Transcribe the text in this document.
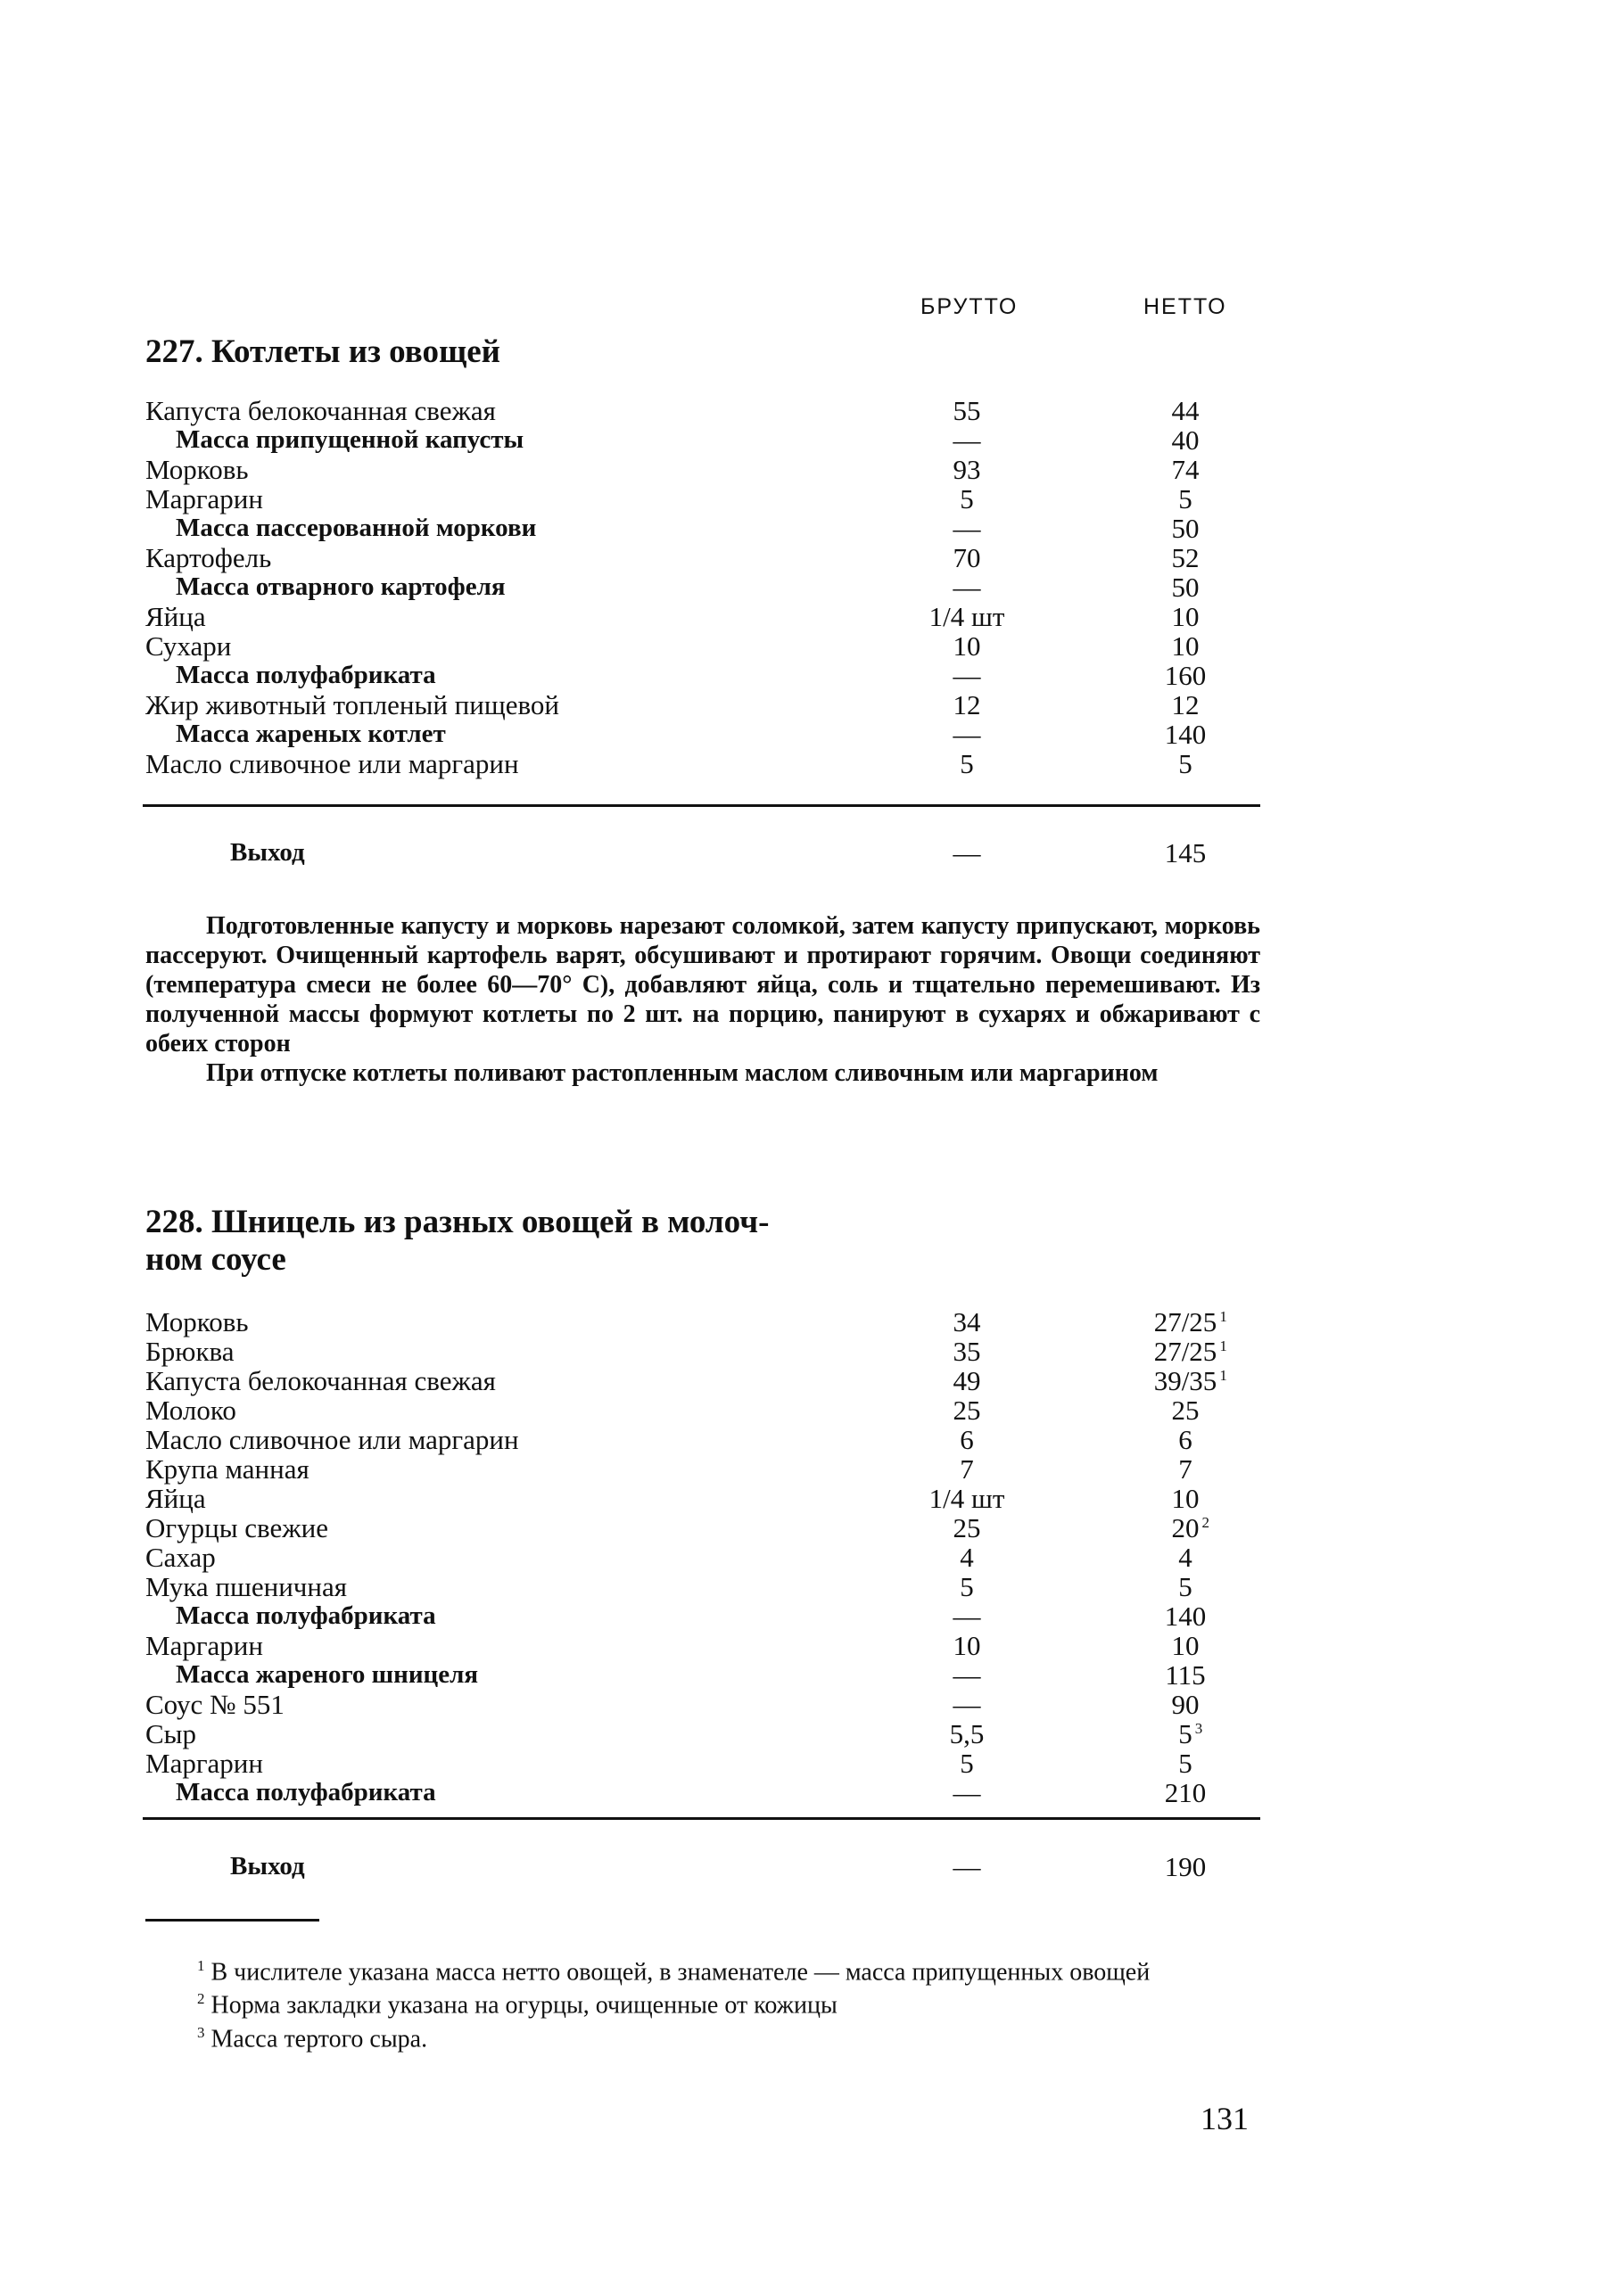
БРУТТО	НЕТТО
227. Котлеты из овощей
Капуста белокочанная свежая	55	44
Масса припущенной капусты	—	40
Морковь	93	74
Маргарин	5	5
Масса пассерованной моркови	—	50
Картофель	70	52
Масса отварного картофеля	—	50
Яйца	1/4 шт	10
Сухари	10	10
Масса полуфабриката	—	160
Жир животный топленый пищевой	12	12
Масса жареных котлет	—	140
Масло сливочное или маргарин	5	5
Выход	—	145

Подготовленные капусту и морковь нарезают соломкой, затем капусту припускают, морковь пассеруют. Очищенный картофель варят, обсушивают и протирают горячим. Овощи соединяют (температура смеси не более 60—70° С), добавляют яйца, соль и тщательно перемешивают. Из полученной массы формуют котлеты по 2 шт. на порцию, панируют в сухарях и обжаривают с обеих сторон

При отпуске котлеты поливают растопленным маслом сливочным или маргарином

228. Шницель из разных овощей в молоч-
ном соусе
Морковь	34	27/25 1
Брюква	35	27/25 1
Капуста белокочанная свежая	49	39/35 1
Молоко	25	25
Масло сливочное или маргарин	6	6
Крупа манная	7	7
Яйца	1/4 шт	10
Огурцы свежие	25	20 2
Сахар	4	4
Мука пшеничная	5	5
Масса полуфабриката	—	140
Маргарин	10	10
Масса жареного шницеля	—	115
Соус № 551	—	90
Сыр	5,5	5 3
Маргарин	5	5
Масса полуфабриката	—	210
Выход	—	190

$^1$ В числителе указана масса нетто овощей, в знаменателе — масса припущенных овощей

$^2$ Норма закладки указана на огурцы, очищенные от кожицы

$^3$ Масса тертого сыра.

131
